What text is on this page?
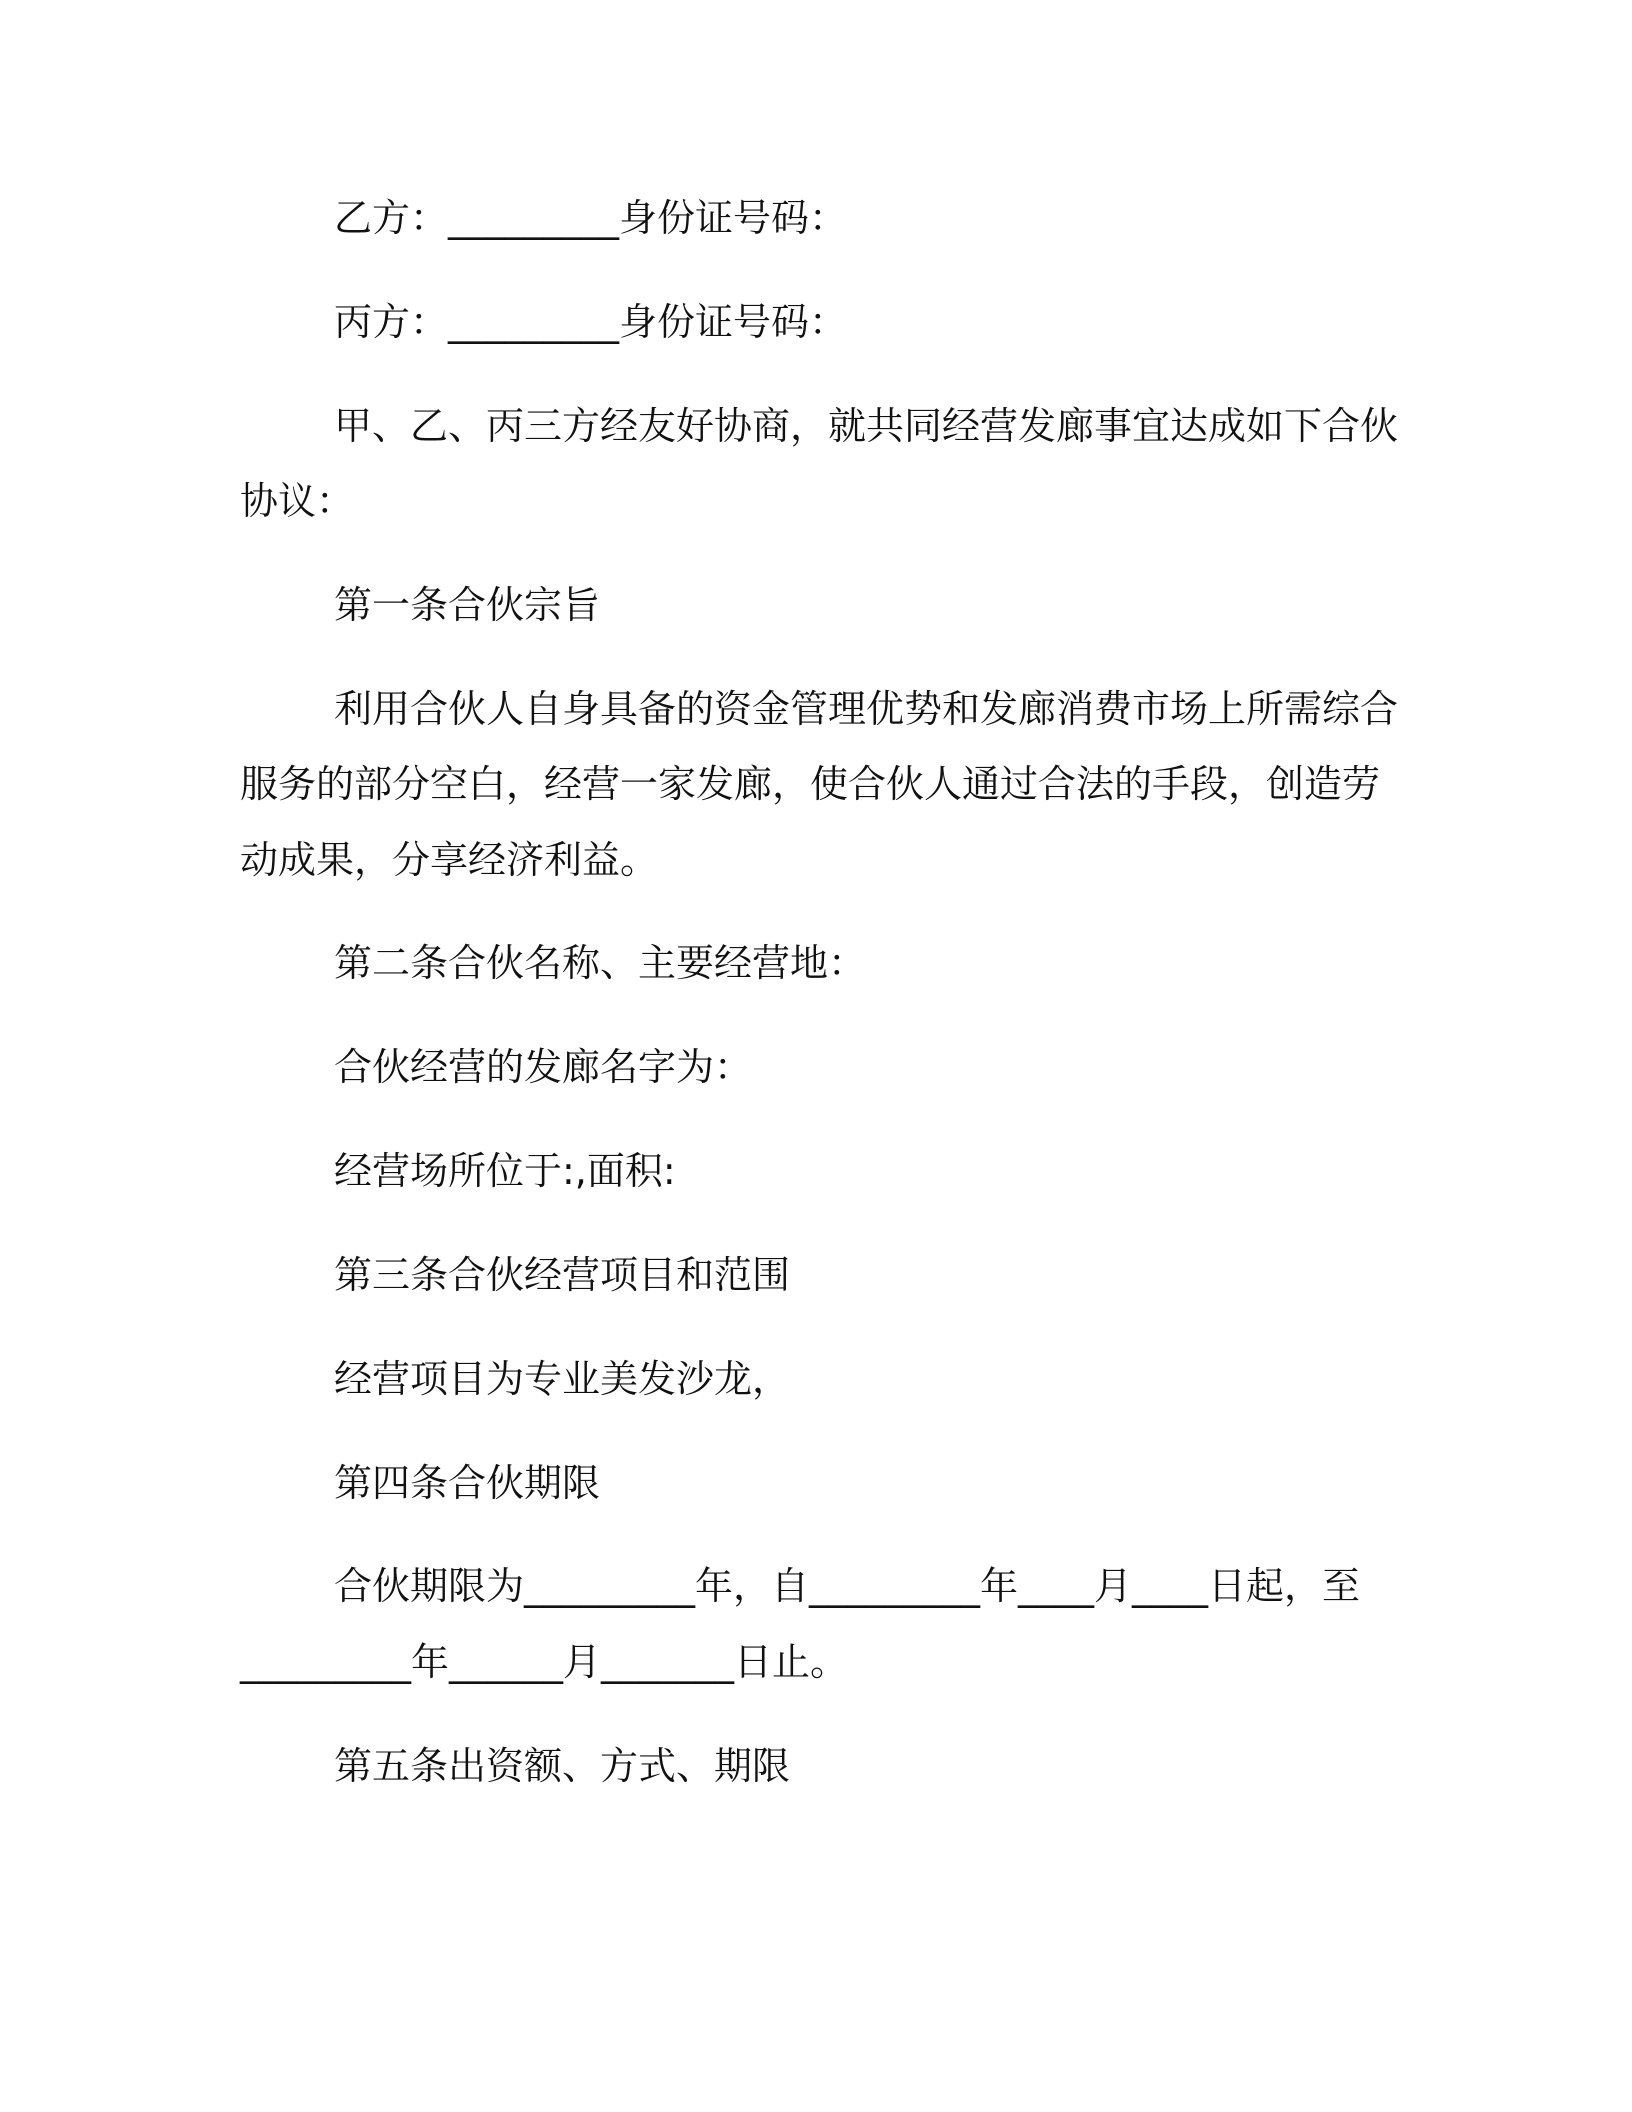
乙方：_________身份证号码：
丙方：_________身份证号码：
甲、乙、丙三方经友好协商，就共同经营发廊事宜达成如下合伙
协议：
第一条合伙宗旨
利用合伙人自身具备的资金管理优势和发廊消费市场上所需综合
服务的部分空白，经营一家发廊，使合伙人通过合法的手段，创造劳
动成果，分享经济利益。
第二条合伙名称、主要经营地：
合伙经营的发廊名字为：
经营场所位于:,面积:
第三条合伙经营项目和范围
经营项目为专业美发沙龙，
第四条合伙期限
合伙期限为_________年，自_________年____月____日起，至
_________年______月_______日止。
第五条出资额、方式、期限
